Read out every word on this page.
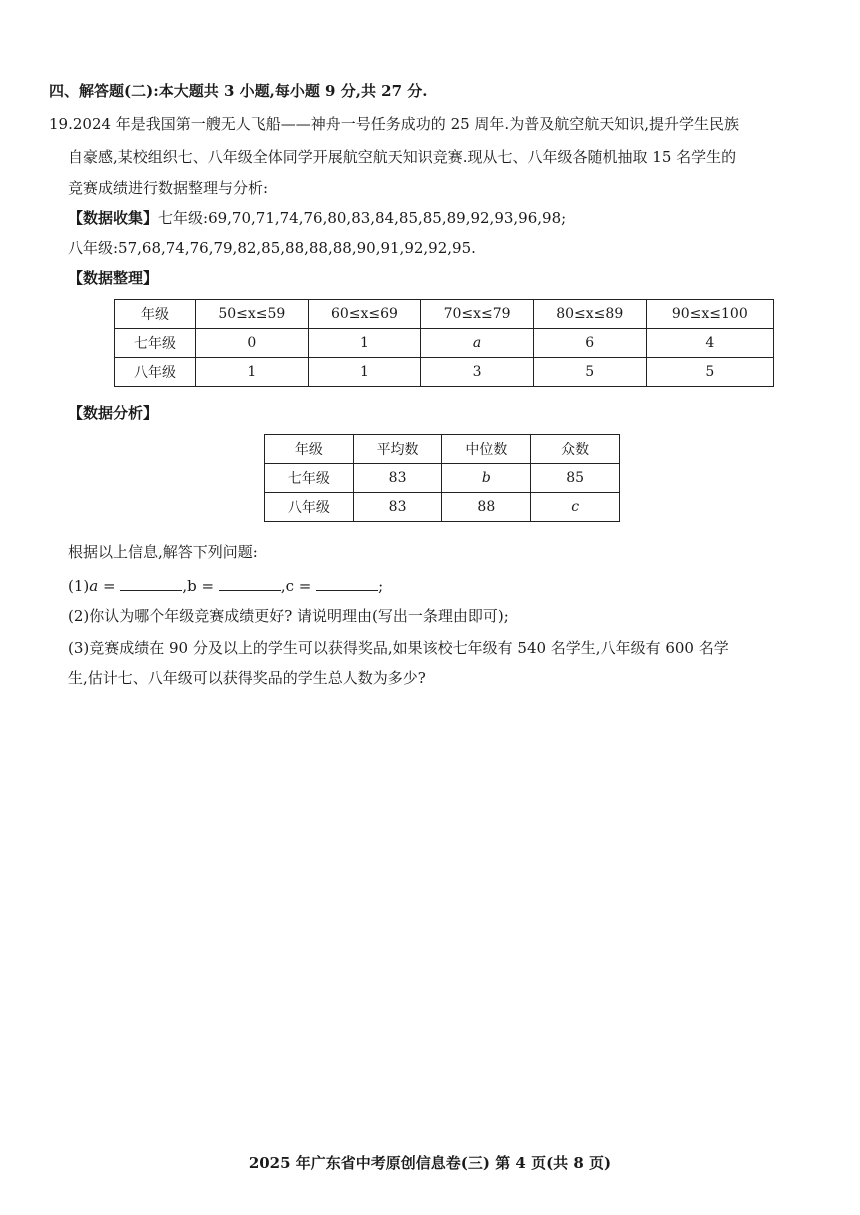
四、解答题(二):本大题共 3 小题,每小题 9 分,共 27 分.
19.2024 年是我国第一艘无人飞船——神舟一号任务成功的 25 周年.为普及航空航天知识,提升学生民族
自豪感,某校组织七、八年级全体同学开展航空航天知识竞赛.现从七、八年级各随机抽取 15 名学生的
竞赛成绩进行数据整理与分析:
【数据收集】七年级:69,70,71,74,76,80,83,84,85,85,89,92,93,96,98;
八年级:57,68,74,76,79,82,85,88,88,88,90,91,92,92,95.
【数据整理】
年级	50≤x≤59	60≤x≤69	70≤x≤79	80≤x≤89	90≤x≤100
七年级	0	1	a	6	4
八年级	1	1	3	5	5
【数据分析】
年级	平均数	中位数	众数
七年级	83	b	85
八年级	83	88	c
根据以上信息,解答下列问题:
(1)a =	,b =	,c =	;
(2)你认为哪个年级竞赛成绩更好? 请说明理由(写出一条理由即可);
(3)竞赛成绩在 90 分及以上的学生可以获得奖品,如果该校七年级有 540 名学生,八年级有 600 名学
生,估计七、八年级可以获得奖品的学生总人数为多少?
2025 年广东省中考原创信息卷(三) 第 4 页(共 8 页)
